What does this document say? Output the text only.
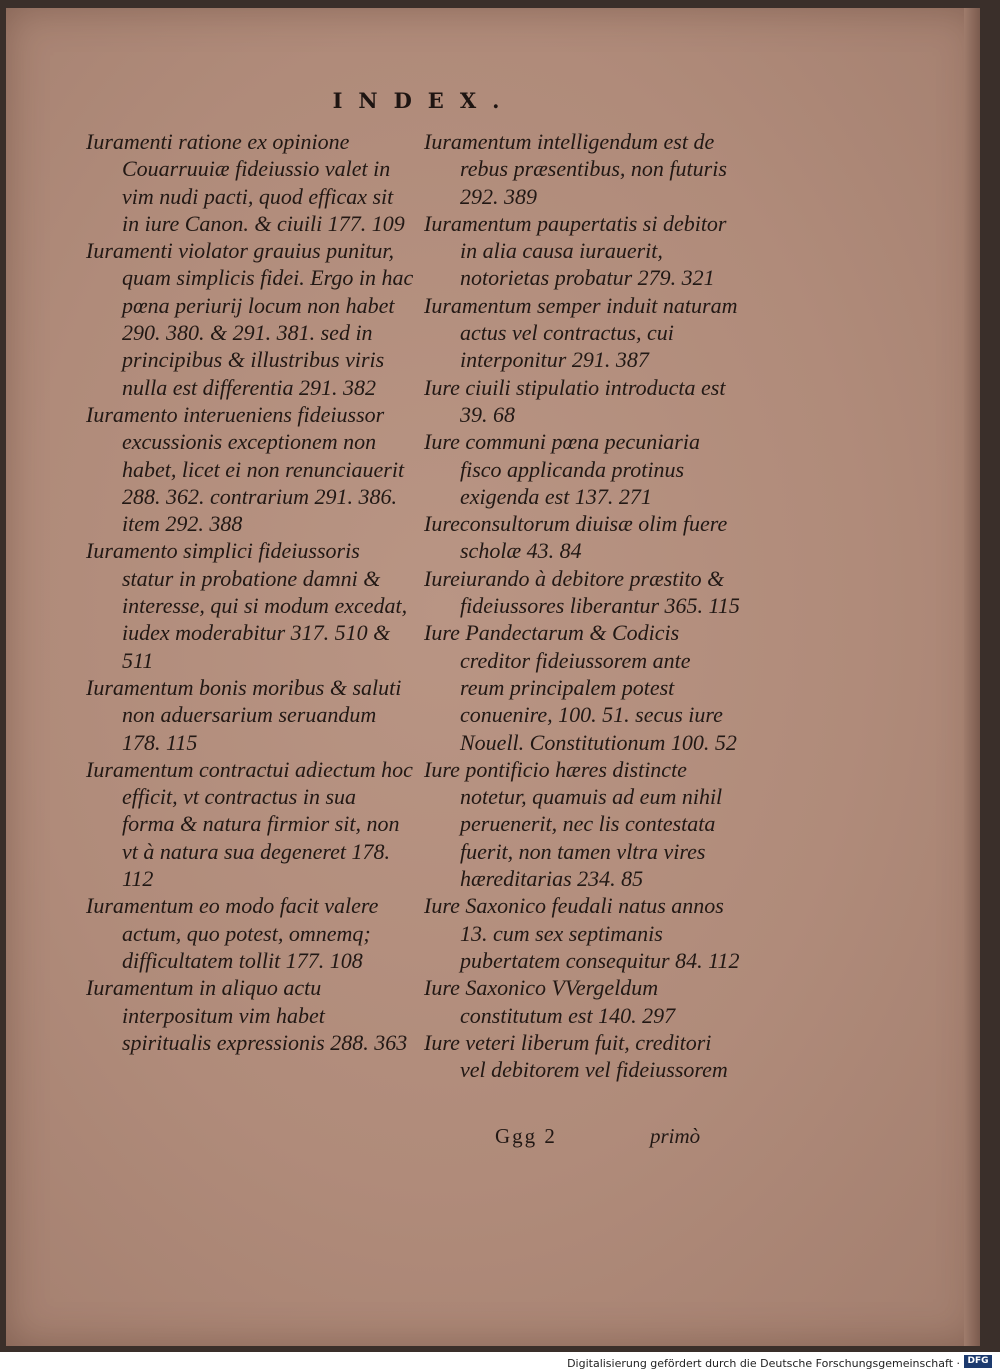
INDEX.

Iuramenti ratione ex opinione Couarruuiæ fideiussio valet in vim nudi pacti, quod efficax sit in iure Canon. & ciuili 177. 109

Iuramenti violator grauius punitur, quam simplicis fidei. Ergo in hac pœna periurij locum non habet 290. 380. & 291. 381. sed in principibus & illustribus viris nulla est differentia 291. 382

Iuramento interueniens fideiussor excussionis exceptionem non habet, licet ei non renunciauerit 288. 362. contrarium 291. 386. item 292. 388

Iuramento simplici fideiussoris statur in probatione damni & interesse, qui si modum excedat, iudex moderabitur 317. 510 & 511

Iuramentum bonis moribus & saluti non aduersarium seruandum 178. 115

Iuramentum contractui adiectum hoc efficit, vt contractus in sua forma & natura firmior sit, non vt à natura sua degeneret 178. 112

Iuramentum eo modo facit valere actum, quo potest, omnemq; difficultatem tollit 177. 108

Iuramentum in aliquo actu interpositum vim habet spiritualis expressionis 288. 363

Iuramentum intelligendum est de rebus præsentibus, non futuris 292. 389

Iuramentum paupertatis si debitor in alia causa iurauerit, notorietas probatur 279. 321

Iuramentum semper induit naturam actus vel contractus, cui interponitur 291. 387

Iure ciuili stipulatio introducta est 39. 68

Iure communi pœna pecuniaria fisco applicanda protinus exigenda est 137. 271

Iureconsultorum diuisæ olim fuere scholæ 43. 84

Iureiurando à debitore præstito & fideiussores liberantur 365. 115

Iure Pandectarum & Codicis creditor fideiussorem ante reum principalem potest conuenire, 100. 51. secus iure Nouell. Constitutionum 100. 52

Iure pontificio hæres distincte notetur, quamuis ad eum nihil peruenerit, nec lis contestata fuerit, non tamen vltra vires hæreditarias 234. 85

Iure Saxonico feudali natus annos 13. cum sex septimanis pubertatem consequitur 84. 112

Iure Saxonico VVergeldum constitutum est 140. 297

Iure veteri liberum fuit, creditori vel debitorem vel fideiussorem

Ggg 2	primò
Digitalisierung gefördert durch die Deutsche Forschungsgemeinschaft · DFG
